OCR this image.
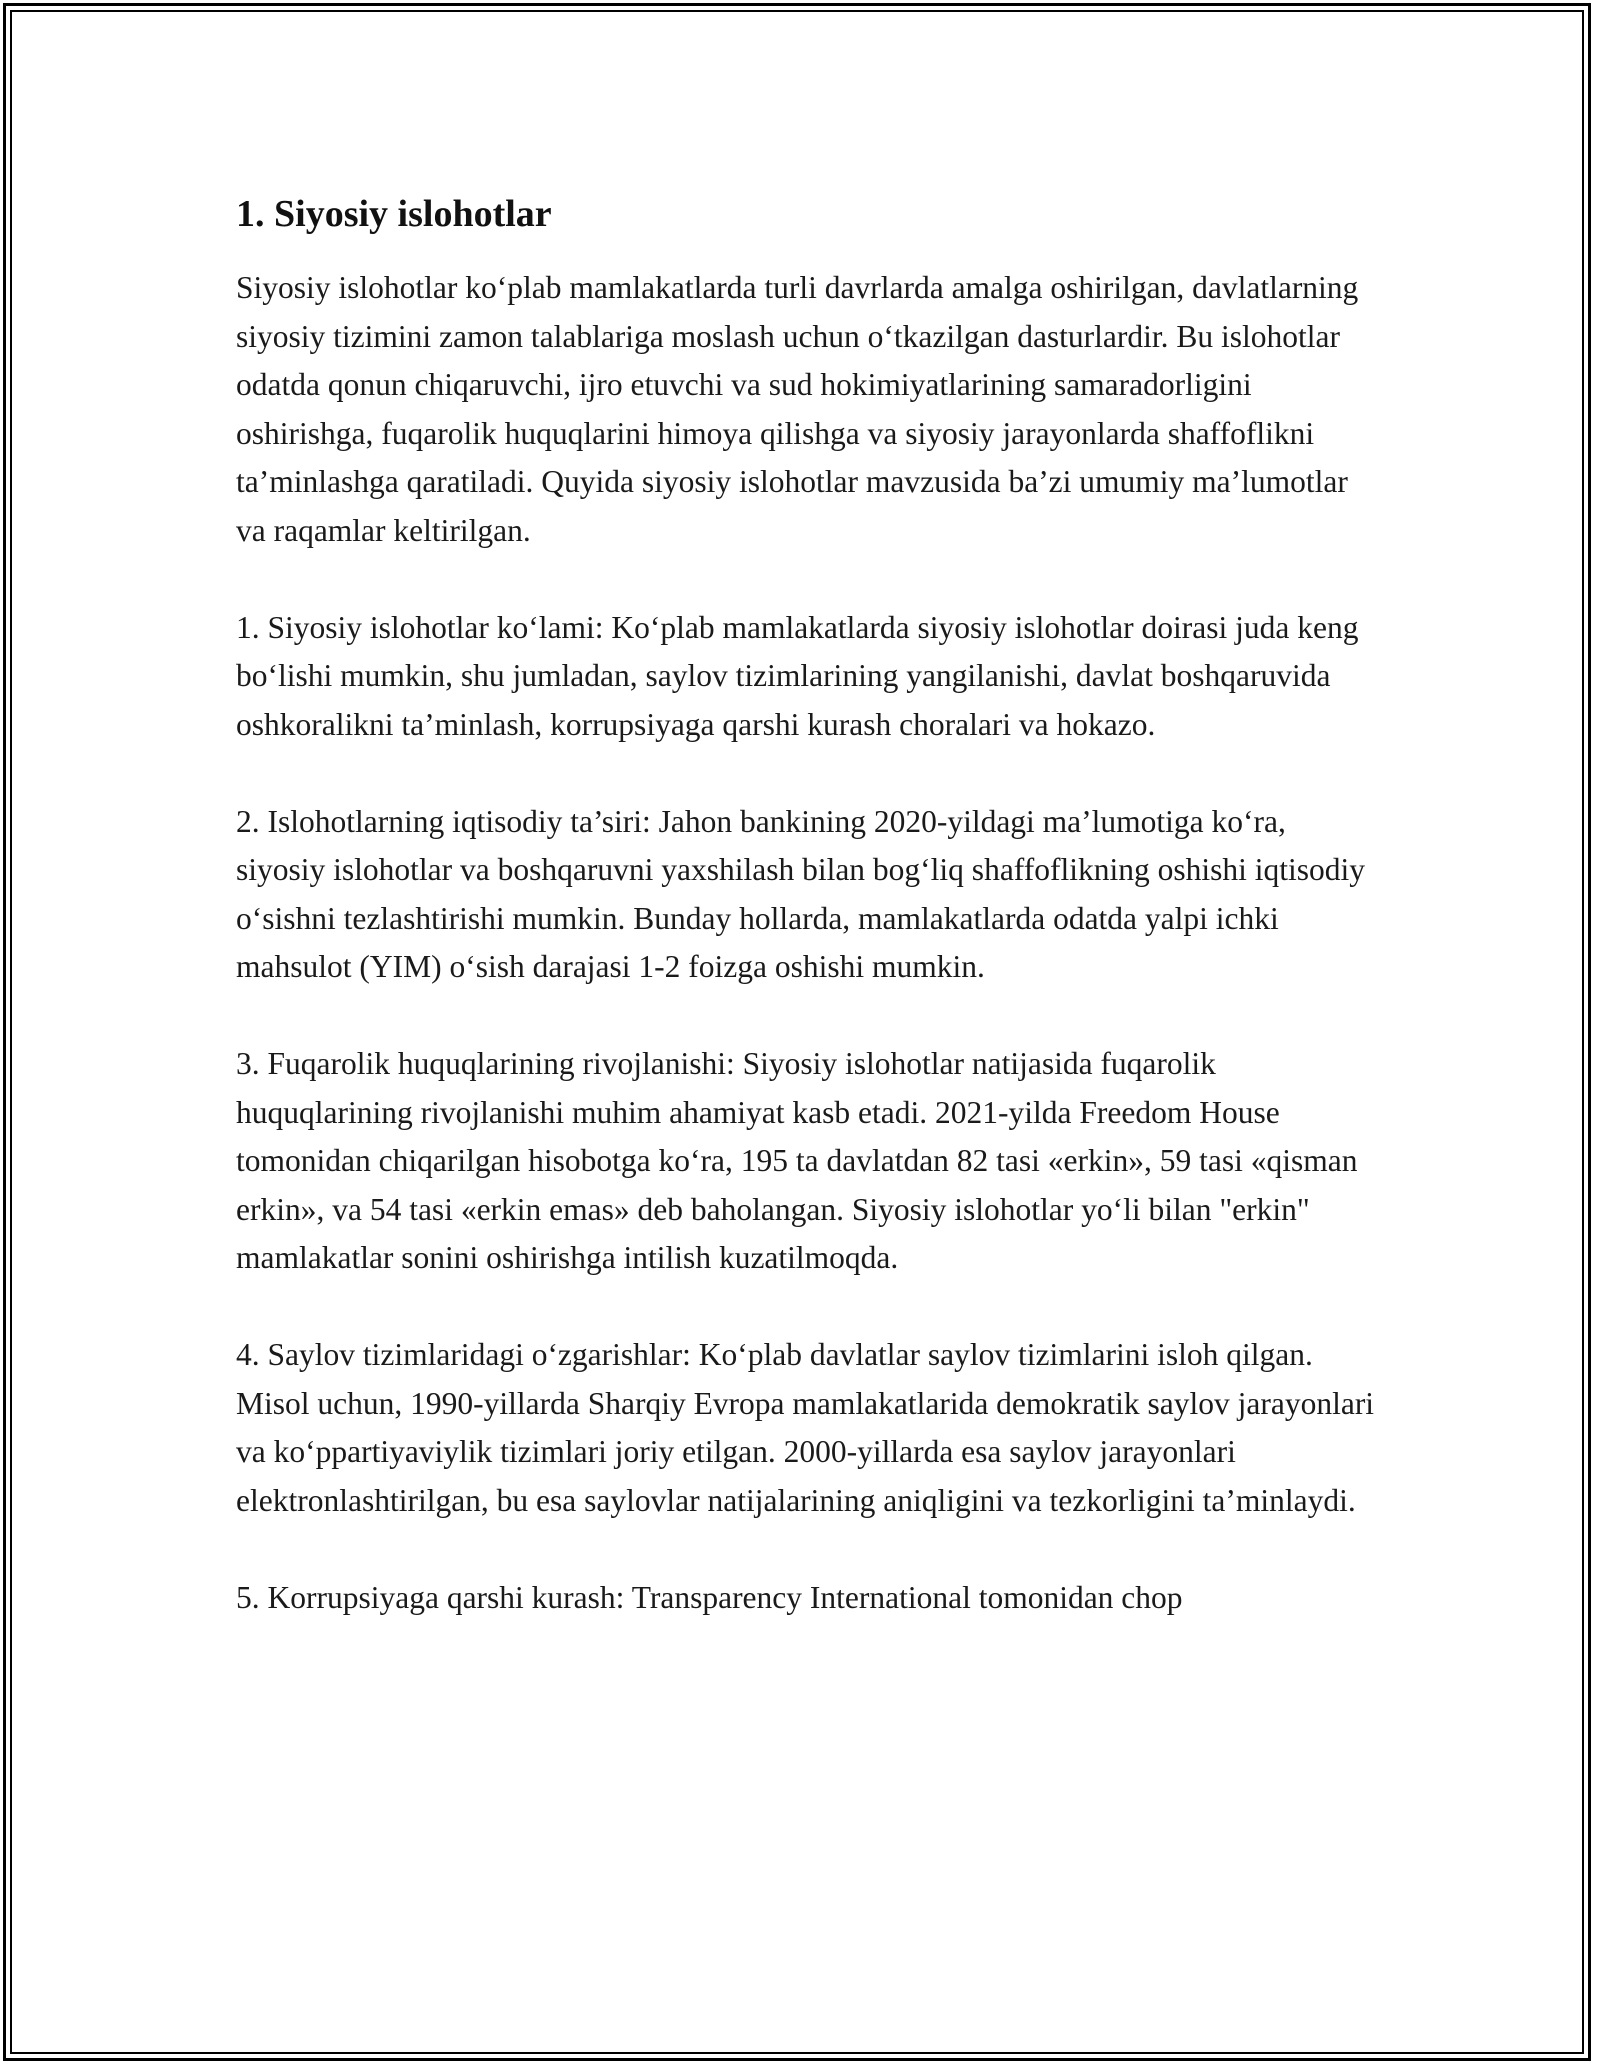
1. Siyosiy islohotlar

Siyosiy islohotlar ko‘plab mamlakatlarda turli davrlarda amalga oshirilgan, davlatlarning siyosiy tizimini zamon talablariga moslash uchun o‘tkazilgan dasturlardir. Bu islohotlar odatda qonun chiqaruvchi, ijro etuvchi va sud hokimiyatlarining samaradorligini oshirishga, fuqarolik huquqlarini himoya qilishga va siyosiy jarayonlarda shaffoflikni ta’minlashga qaratiladi. Quyida siyosiy islohotlar mavzusida ba’zi umumiy ma’lumotlar va raqamlar keltirilgan.

1. Siyosiy islohotlar ko‘lami: Ko‘plab mamlakatlarda siyosiy islohotlar doirasi juda keng bo‘lishi mumkin, shu jumladan, saylov tizimlarining yangilanishi, davlat boshqaruvida oshkoralikni ta’minlash, korrupsiyaga qarshi kurash choralari va hokazo.

2. Islohotlarning iqtisodiy ta’siri: Jahon bankining 2020-yildagi ma’lumotiga ko‘ra, siyosiy islohotlar va boshqaruvni yaxshilash bilan bog‘liq shaffoflikning oshishi iqtisodiy o‘sishni tezlashtirishi mumkin. Bunday hollarda, mamlakatlarda odatda yalpi ichki mahsulot (YIM) o‘sish darajasi 1-2 foizga oshishi mumkin.

3. Fuqarolik huquqlarining rivojlanishi: Siyosiy islohotlar natijasida fuqarolik huquqlarining rivojlanishi muhim ahamiyat kasb etadi. 2021-yilda Freedom House tomonidan chiqarilgan hisobotga ko‘ra, 195 ta davlatdan 82 tasi «erkin», 59 tasi «qisman erkin», va 54 tasi «erkin emas» deb baholangan. Siyosiy islohotlar yo‘li bilan "erkin" mamlakatlar sonini oshirishga intilish kuzatilmoqda.

4. Saylov tizimlaridagi o‘zgarishlar: Ko‘plab davlatlar saylov tizimlarini isloh qilgan. Misol uchun, 1990-yillarda Sharqiy Evropa mamlakatlarida demokratik saylov jarayonlari va ko‘ppartiyaviylik tizimlari joriy etilgan. 2000-yillarda esa saylov jarayonlari elektronlashtirilgan, bu esa saylovlar natijalarining aniqligini va tezkorligini ta’minlaydi.

5. Korrupsiyaga qarshi kurash: Transparency International tomonidan chop
